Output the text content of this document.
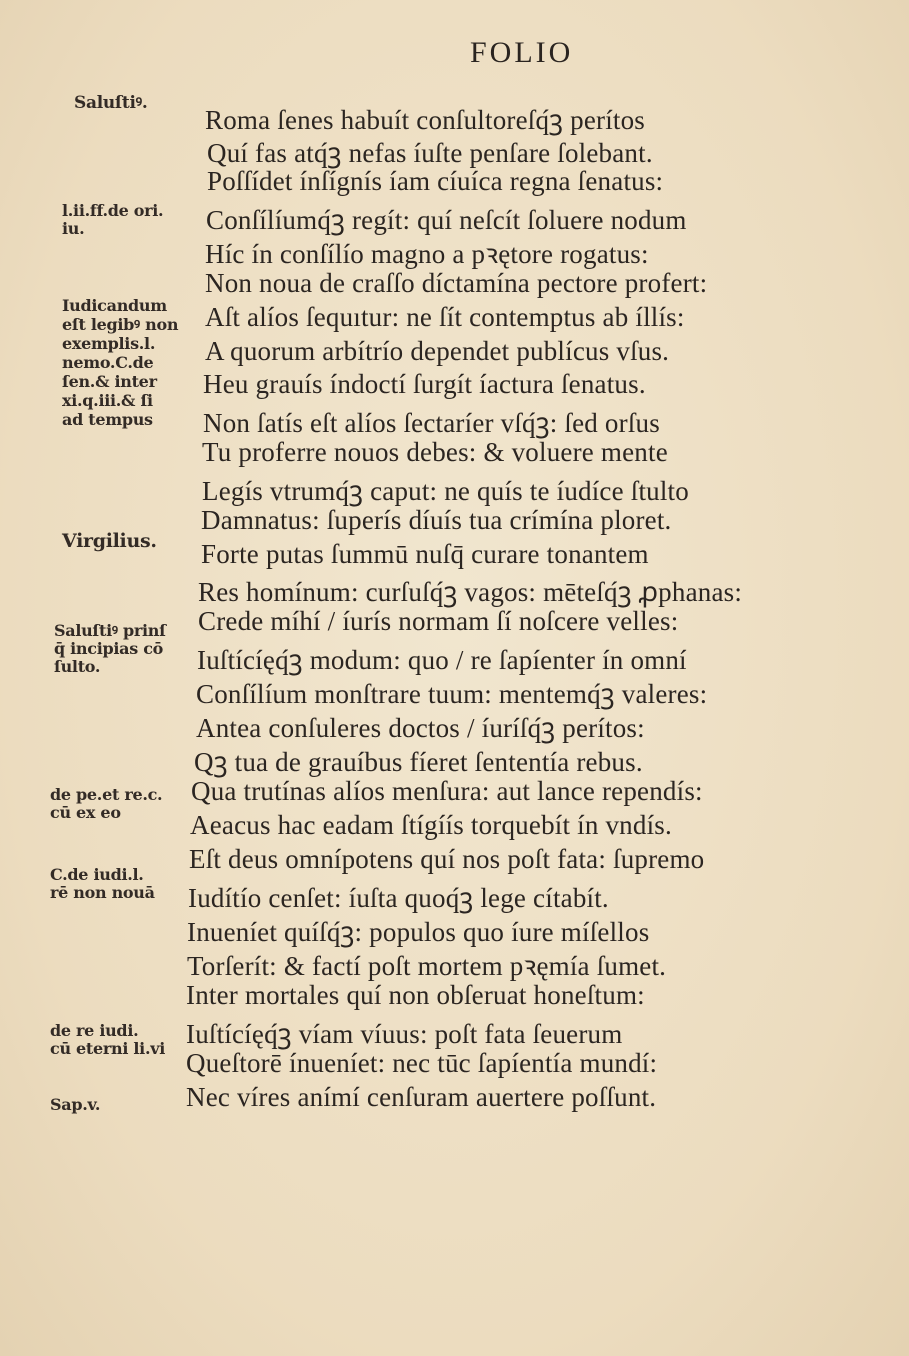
FOLIO
Roma ſenes habuít conſultoreſq́ꝫ perítos
Quí fas atq́ꝫ nefas íuſte penſare ſolebant.
Poſſídet ínſígnís íam cíuíca regna ſenatus:
Conſílíumq́ꝫ regít: quí neſcít ſoluere nodum
Híc ín conſílío magno a pꝛętore rogatus:
Non noua de craſſo díctamína pectore profert:
Aſt alíos ſequıtur: ne ſít contemptus ab íllís:
A quorum arbítrío dependet publícus vſus.
Heu grauís índoctí ſurgít íactura ſenatus.
Non ſatís eſt alíos ſectaríer vſq́ꝫ: ſed orſus
Tu proferre nouos debes: & voluere mente
Legís vtrumq́ꝫ caput: ne quís te íudíce ſtulto
Damnatus: ſuperís díuís tua crímína ploret.
Forte putas ſummū nuſq̄ curare tonantem
Res homínum: curſuſq́ꝫ vagos: mēteſq́ꝫ ꝓphanas:
Crede míhí / íurís normam ſí noſcere velles:
Iuſtícíęq́ꝫ modum: quo / re ſapíenter ín omní
Conſílíum monſtrare tuum: mentemq́ꝫ valeres:
Antea conſuleres doctos / íuríſq́ꝫ perítos:
Qꝫ tua de grauíbus fíeret ſententía rebus.
Qua trutínas alíos menſura: aut lance rependís:
Aeacus hac eadam ſtígíís torquebít ín vndís.
Eſt deus omnípotens quí nos poſt fata: ſupremo
Iudítío cenſet: íuſta quoq́ꝫ lege cítabít.
Inueníet quíſq́ꝫ: populos quo íure míſellos
Torſerít: & factí poſt mortem pꝛęmía ſumet.
Inter mortales quí non obſeruat honeſtum:
Iuſtícíęq́ꝫ víam víuus: poſt fata ſeuerum
Queſtorē ínueníet: nec tūc ſapíentía mundí:
Nec víres anímí cenſuram auertere poſſunt.
Saluſtiꝰ.
l.ii.ff.de ori.
iu.
Iudicandum
eſt legibꝰ non
exemplis.l.
nemo.C.de
ſen.& inter
xi.q.iii.& ſi
ad tempus
Virgilius.
Saluſtiꝰ prinſ
q̄ incipias cō
ſulto.
de pe.et re.c.
cū ex eo
C.de iudi.l.
rē non nouā
de re iudi.
cū eterni li.vi
Sap.v.
